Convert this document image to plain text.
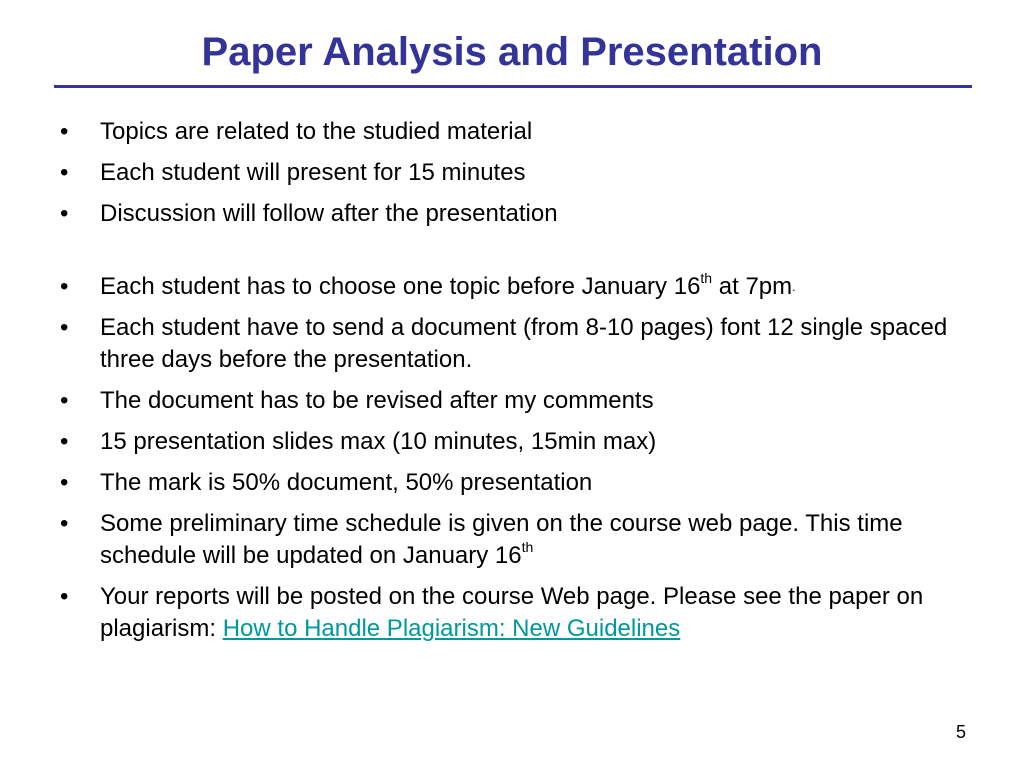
Paper Analysis and Presentation
• Topics are related to the studied material
• Each student will present for 15 minutes
• Discussion will follow after the presentation
• Each student has to choose one topic before January 16th at 7pm.
• Each student have to send a document (from 8-10 pages) font 12 single spaced three days before the presentation.
• The document has to be revised after my comments
• 15 presentation slides max (10 minutes, 15min max)
• The mark is 50% document, 50% presentation
• Some preliminary time schedule is given on the course web page. This time schedule will be updated on January 16th
• Your reports will be posted on the course Web page. Please see the paper on plagiarism: How to Handle Plagiarism: New Guidelines
5
